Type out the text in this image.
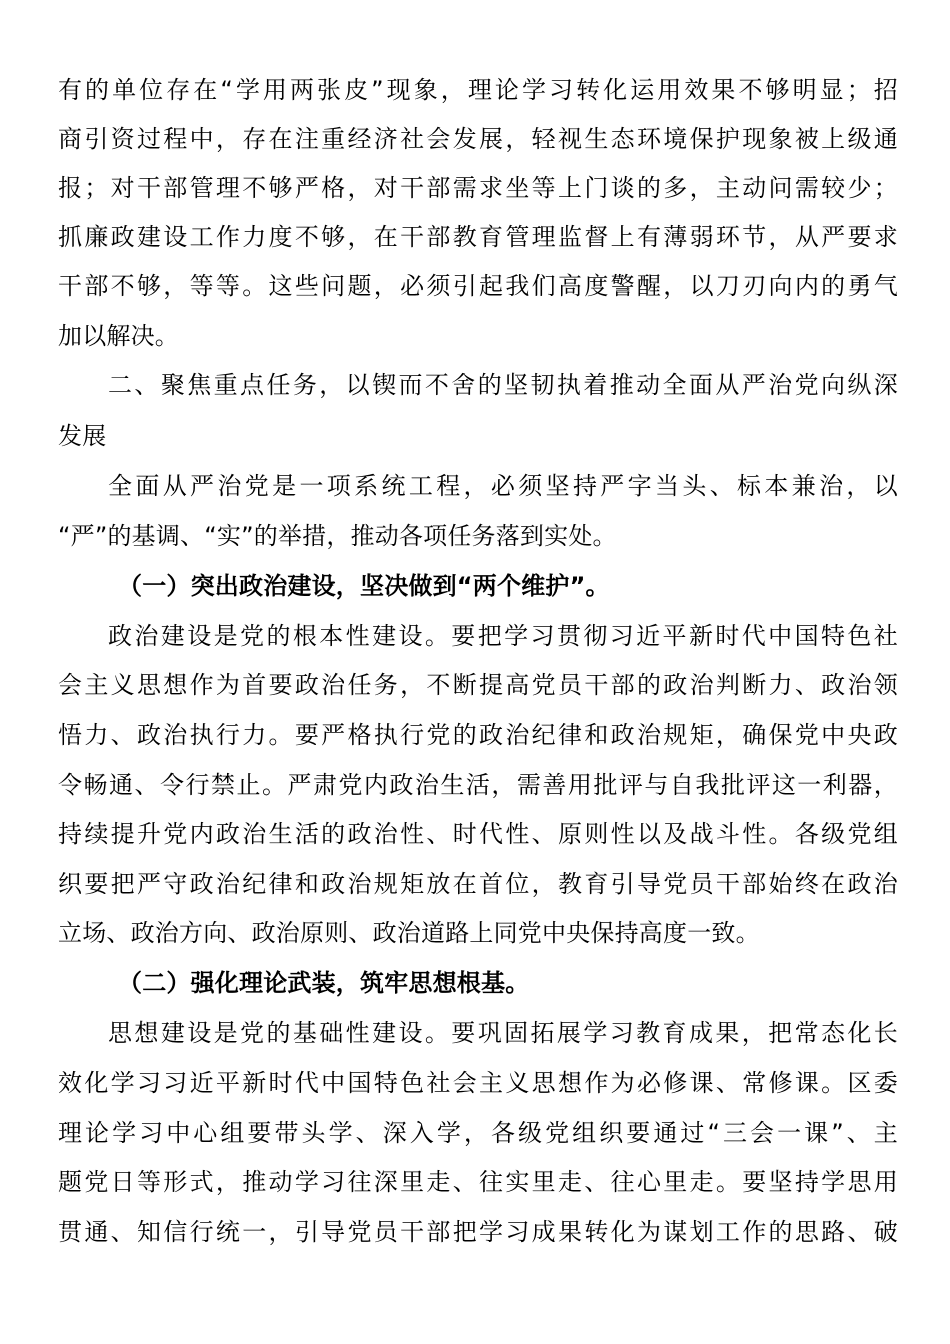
有的单位存在“学用两张皮”现象，理论学习转化运用效果不够明显；招
商引资过程中，存在注重经济社会发展，轻视生态环境保护现象被上级通
报；对干部管理不够严格，对干部需求坐等上门谈的多，主动问需较少；
抓廉政建设工作力度不够，在干部教育管理监督上有薄弱环节，从严要求
干部不够，等等。这些问题，必须引起我们高度警醒，以刀刃向内的勇气
加以解决。
二、聚焦重点任务，以锲而不舍的坚韧执着推动全面从严治党向纵深
发展
全面从严治党是一项系统工程，必须坚持严字当头、标本兼治，以
“严”的基调、“实”的举措，推动各项任务落到实处。
（一）突出政治建设，坚决做到“两个维护”。
政治建设是党的根本性建设。要把学习贯彻习近平新时代中国特色社
会主义思想作为首要政治任务，不断提高党员干部的政治判断力、政治领
悟力、政治执行力。要严格执行党的政治纪律和政治规矩，确保党中央政
令畅通、令行禁止。严肃党内政治生活，需善用批评与自我批评这一利器，
持续提升党内政治生活的政治性、时代性、原则性以及战斗性。各级党组
织要把严守政治纪律和政治规矩放在首位，教育引导党员干部始终在政治
立场、政治方向、政治原则、政治道路上同党中央保持高度一致。
（二）强化理论武装，筑牢思想根基。
思想建设是党的基础性建设。要巩固拓展学习教育成果，把常态化长
效化学习习近平新时代中国特色社会主义思想作为必修课、常修课。区委
理论学习中心组要带头学、深入学，各级党组织要通过“三会一课”、主
题党日等形式，推动学习往深里走、往实里走、往心里走。要坚持学思用
贯通、知信行统一，引导党员干部把学习成果转化为谋划工作的思路、破
